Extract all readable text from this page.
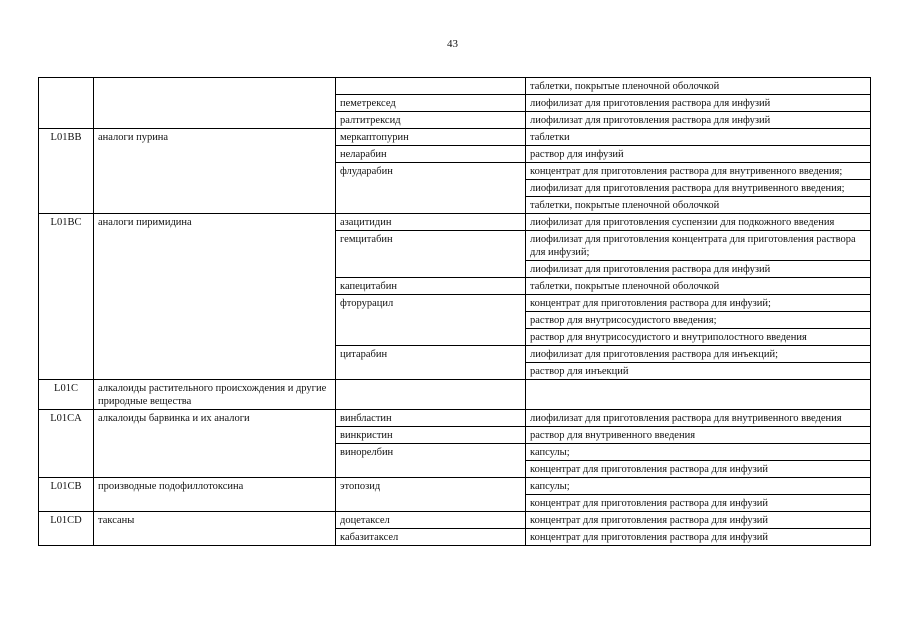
43
			таблетки, покрытые пленочной оболочкой
		пеметрексед	лиофилизат для приготовления раствора для инфузий
		ралтитрексид	лиофилизат для приготовления раствора для инфузий
L01BB	аналоги пурина	меркаптопурин	таблетки
		неларабин	раствор для инфузий
		флударабин	концентрат для приготовления раствора для внутривенного введения;
			лиофилизат для приготовления раствора для внутривенного введения;
			таблетки, покрытые пленочной оболочкой
L01BC	аналоги пиримидина	азацитидин	лиофилизат для приготовления суспензии для подкожного введения
		гемцитабин	лиофилизат для приготовления концентрата для приготовления раствора для инфузий;
			лиофилизат для приготовления раствора для инфузий
		капецитабин	таблетки, покрытые пленочной оболочкой
		фторурацил	концентрат для приготовления раствора для инфузий;
			раствор для внутрисосудистого введения;
			раствор для внутрисосудистого и внутриполостного введения
		цитарабин	лиофилизат для приготовления раствора для инъекций;
			раствор для инъекций
L01C	алкалоиды растительного происхождения и другие природные вещества		
L01CA	алкалоиды барвинка и их аналоги	винбластин	лиофилизат для приготовления раствора для внутривенного введения
		винкристин	раствор для внутривенного введения
		винорелбин	капсулы;
			концентрат для приготовления раствора для инфузий
L01CB	производные подофиллотоксина	этопозид	капсулы;
			концентрат для приготовления раствора для инфузий
L01CD	таксаны	доцетаксел	концентрат для приготовления раствора для инфузий
		кабазитаксел	концентрат для приготовления раствора для инфузий
